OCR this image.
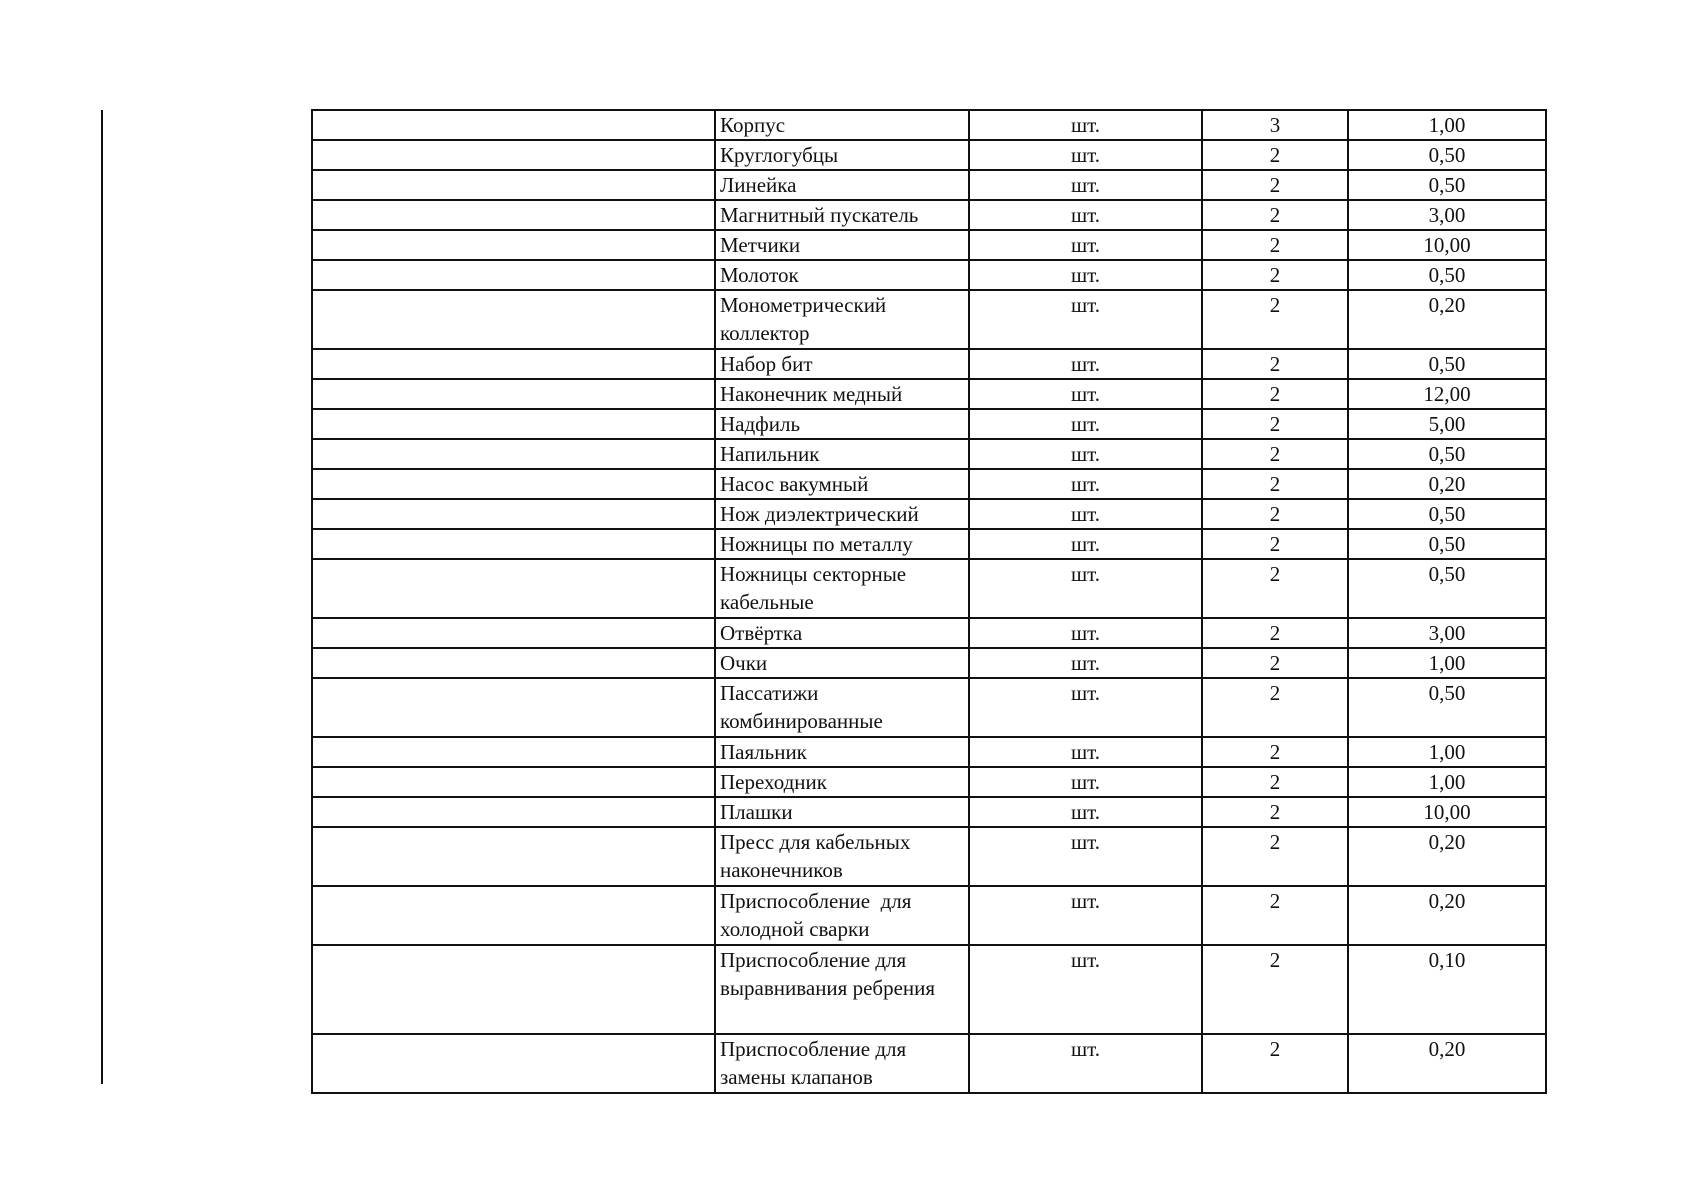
	Корпус	шт.	3	1,00
	Круглогубцы	шт.	2	0,50
	Линейка	шт.	2	0,50
	Магнитный пускатель	шт.	2	3,00
	Метчики	шт.	2	10,00
	Молоток	шт.	2	0,50
	Монометрический коллектор	шт.	2	0,20
	Набор бит	шт.	2	0,50
	Наконечник медный	шт.	2	12,00
	Надфиль	шт.	2	5,00
	Напильник	шт.	2	0,50
	Насос вакумный	шт.	2	0,20
	Нож диэлектрический	шт.	2	0,50
	Ножницы по металлу	шт.	2	0,50
	Ножницы секторные кабельные	шт.	2	0,50
	Отвёртка	шт.	2	3,00
	Очки	шт.	2	1,00
	Пассатижи комбинированные	шт.	2	0,50
	Паяльник	шт.	2	1,00
	Переходник	шт.	2	1,00
	Плашки	шт.	2	10,00
	Пресс для кабельных наконечников	шт.	2	0,20
	Приспособление  для холодной сварки	шт.	2	0,20
	Приспособление для выравнивания ребрения	шт.	2	0,10
	Приспособление для замены клапанов	шт.	2	0,20
